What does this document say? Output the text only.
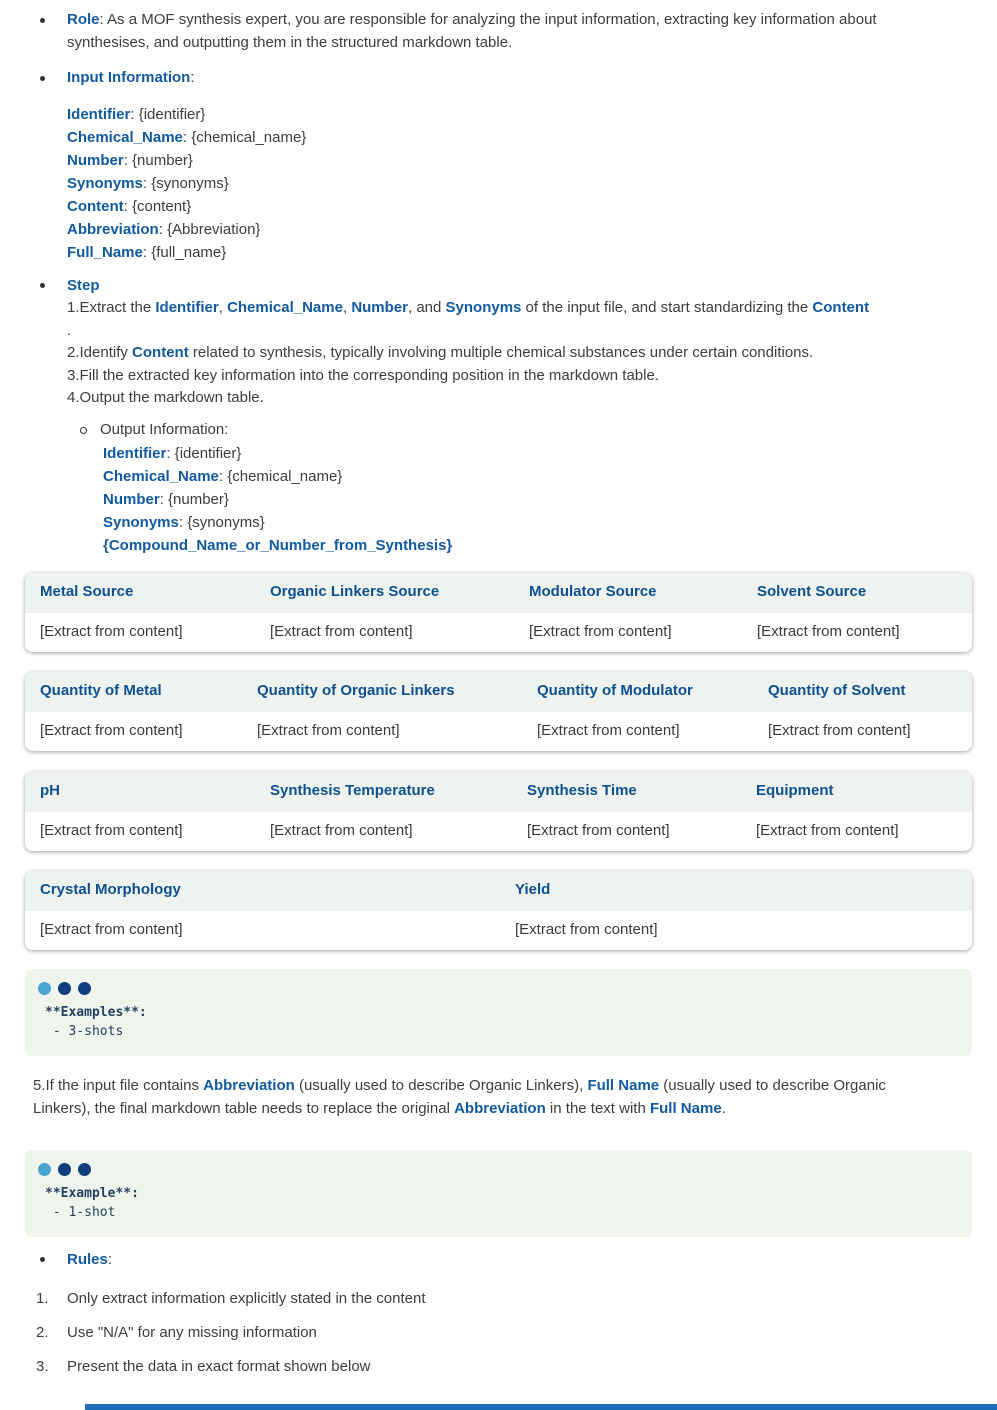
Role: As a MOF synthesis expert, you are responsible for analyzing the input information, extracting key information about
synthesises, and outputting them in the structured markdown table.
Input Information:
Identifier: {identifier}
Chemical_Name: {chemical_name}
Number: {number}
Synonyms: {synonyms}
Content: {content}
Abbreviation: {Abbreviation}
Full_Name: {full_name}
Step
1.Extract the Identifier, Chemical_Name, Number, and Synonyms of the input file, and start standardizing the Content
.
2.Identify Content related to synthesis, typically involving multiple chemical substances under certain conditions.
3.Fill the extracted key information into the corresponding position in the markdown table.
4.Output the markdown table.
Output Information:
Identifier: {identifier}
Chemical_Name: {chemical_name}
Number: {number}
Synonyms: {synonyms}
{Compound_Name_or_Number_from_Synthesis}
Metal Source	Organic Linkers Source	Modulator Source	Solvent Source
[Extract from content]	[Extract from content]	[Extract from content]	[Extract from content]
Quantity of Metal	Quantity of Organic Linkers	Quantity of Modulator	Quantity of Solvent
[Extract from content]	[Extract from content]	[Extract from content]	[Extract from content]
pH	Synthesis Temperature	Synthesis Time	Equipment
[Extract from content]	[Extract from content]	[Extract from content]	[Extract from content]
Crystal Morphology	Yield
[Extract from content]	[Extract from content]
**Examples**:
- 3-shots
5.If the input file contains Abbreviation (usually used to describe Organic Linkers), Full Name (usually used to describe Organic
Linkers), the final markdown table needs to replace the original Abbreviation in the text with Full Name.
**Example**:
- 1-shot
Rules:
1.	Only extract information explicitly stated in the content
2.	Use "N/A" for any missing information
3.	Present the data in exact format shown below
